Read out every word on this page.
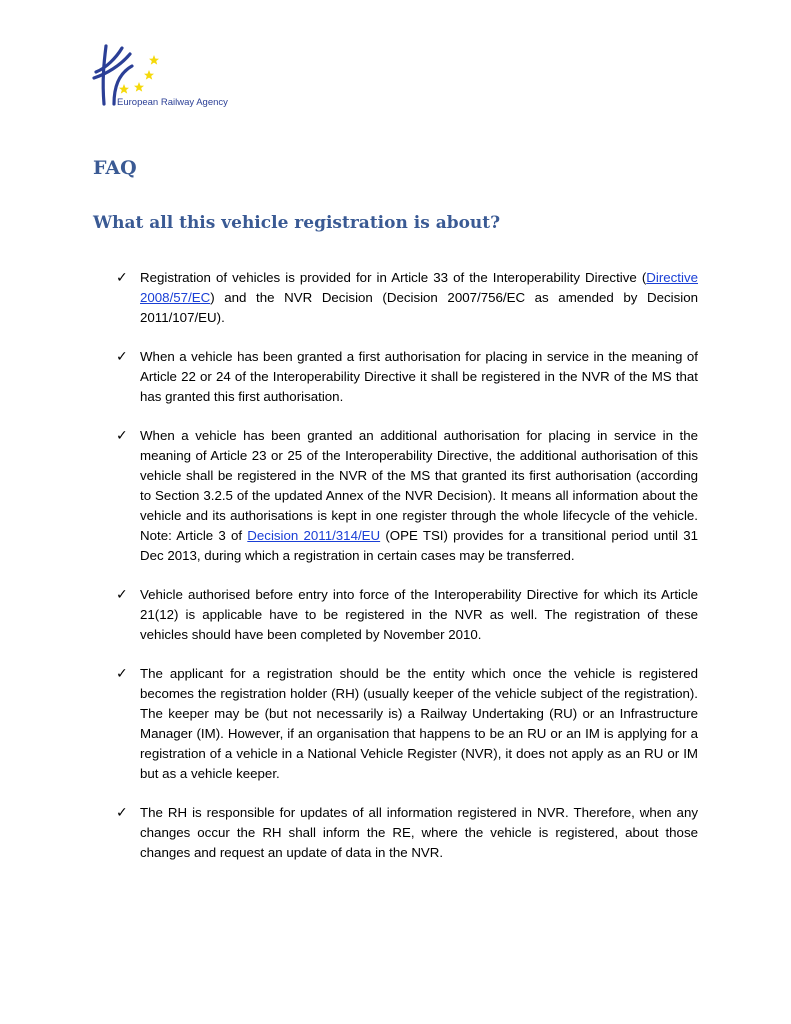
European Railway Agency
FAQ
What all this vehicle registration is about?
✓ Registration of vehicles is provided for in Article 33 of the Interoperability Directive (Directive 2008/57/EC) and the NVR Decision (Decision 2007/756/EC as amended by Decision 2011/107/EU).
✓ When a vehicle has been granted a first authorisation for placing in service in the meaning of Article 22 or 24 of the Interoperability Directive it shall be registered in the NVR of the MS that has granted this first authorisation.
✓ When a vehicle has been granted an additional authorisation for placing in service in the meaning of Article 23 or 25 of the Interoperability Directive, the additional authorisation of this vehicle shall be registered in the NVR of the MS that granted its first authorisation (according to Section 3.2.5 of the updated Annex of the NVR Decision). It means all information about the vehicle and its authorisations is kept in one register through the whole lifecycle of the vehicle. Note: Article 3 of Decision 2011/314/EU (OPE TSI) provides for a transitional period until 31 Dec 2013, during which a registration in certain cases may be transferred.
✓ Vehicle authorised before entry into force of the Interoperability Directive for which its Article 21(12) is applicable have to be registered in the NVR as well. The registration of these vehicles should have been completed by November 2010.
✓ The applicant for a registration should be the entity which once the vehicle is registered becomes the registration holder (RH) (usually keeper of the vehicle subject of the registration). The keeper may be (but not necessarily is) a Railway Undertaking (RU) or an Infrastructure Manager (IM). However, if an organisation that happens to be an RU or an IM is applying for a registration of a vehicle in a National Vehicle Register (NVR), it does not apply as an RU or IM but as a vehicle keeper.
✓ The RH is responsible for updates of all information registered in NVR. Therefore, when any changes occur the RH shall inform the RE, where the vehicle is registered, about those changes and request an update of data in the NVR.
